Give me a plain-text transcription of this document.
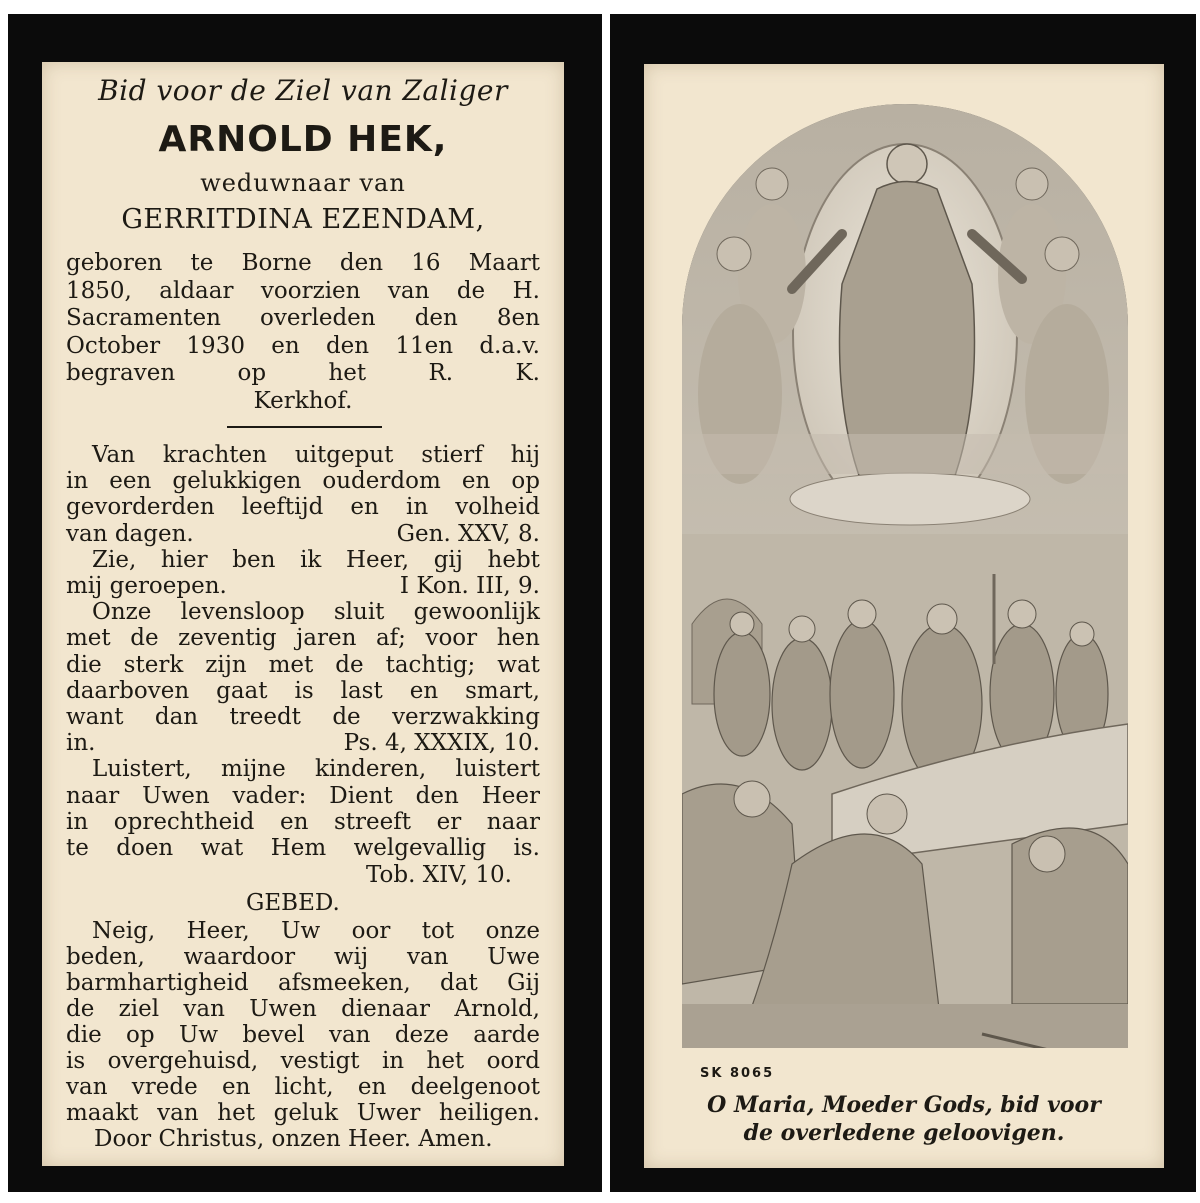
Bid voor de Ziel van Zaliger
ARNOLD HEK,
weduwnaar van
GERRITDINA EZENDAM,
geboren te Borne den 16 Maart
1850, aldaar voorzien van de H.
Sacramenten overleden den 8en
October 1930 en den 11en d.a.v.
begraven	op	het	R.	K.
Kerkhof.
Van krachten uitgeput stierf hij
in een gelukkigen ouderdom en op
gevorderden leeftijd en in volheid
van dagen.	Gen. XXV, 8.
Zie, hier ben ik Heer, gij hebt
mij geroepen.	I Kon. III, 9.
Onze levensloop sluit gewoonlijk
met de zeventig jaren af; voor hen
die sterk zijn met de tachtig; wat
daarboven gaat is last en smart,
want dan treedt de verzwakking
in.	Ps. 4, XXXIX, 10.
Luistert, mijne kinderen, luistert
naar Uwen vader: Dient den Heer
in oprechtheid en streeft er naar
te doen wat Hem welgevallig is.
Tob. XIV, 10.
GEBED.
Neig, Heer, Uw oor tot onze
beden, waardoor wij van Uwe
barmhartigheid afsmeeken, dat Gij
de ziel van Uwen dienaar Arnold,
die op Uw bevel van deze aarde
is overgehuisd, vestigt in het oord
van vrede en licht, en deelgenoot
maakt van het geluk Uwer heiligen.
Door Christus, onzen Heer. Amen.
SK 8065
O Maria, Moeder Gods, bid voor
de overledene geloovigen.
